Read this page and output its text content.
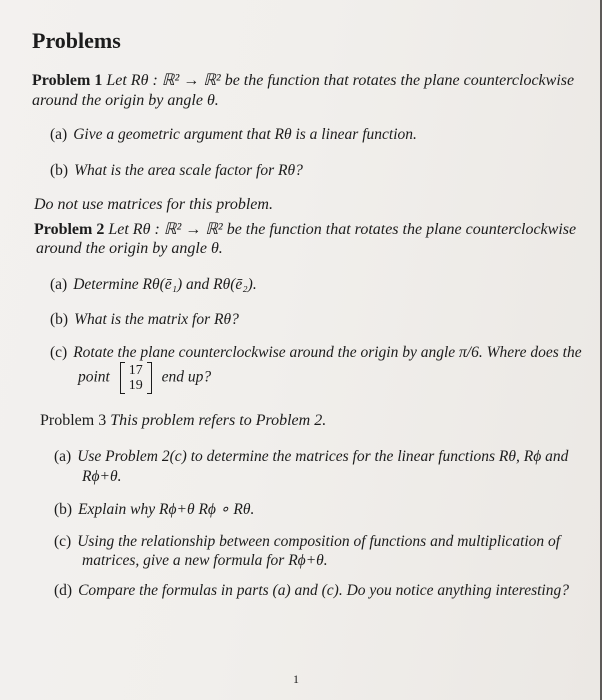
Problems
Problem 1 Let Rθ : ℝ² → ℝ² be the function that rotates the plane counterclockwise
around the origin by angle θ.
(a) Give a geometric argument that Rθ is a linear function.
(b) What is the area scale factor for Rθ?
Do not use matrices for this problem.
Problem 2 Let Rθ : ℝ² → ℝ² be the function that rotates the plane counterclockwise
around the origin by angle θ.
(a) Determine Rθ(ē₁) and Rθ(ē₂).
(b) What is the matrix for Rθ?
(c) Rotate the plane counterclockwise around the origin by angle π/6. Where does the
point 17
19 end up?
Problem 3 This problem refers to Problem 2.
(a) Use Problem 2(c) to determine the matrices for the linear functions Rθ, Rϕ and
Rϕ+θ.
(b) Explain why Rϕ+θ Rϕ ∘ Rθ.
(c) Using the relationship between composition of functions and multiplication of
matrices, give a new formula for Rϕ+θ.
(d) Compare the formulas in parts (a) and (c). Do you notice anything interesting?
1
